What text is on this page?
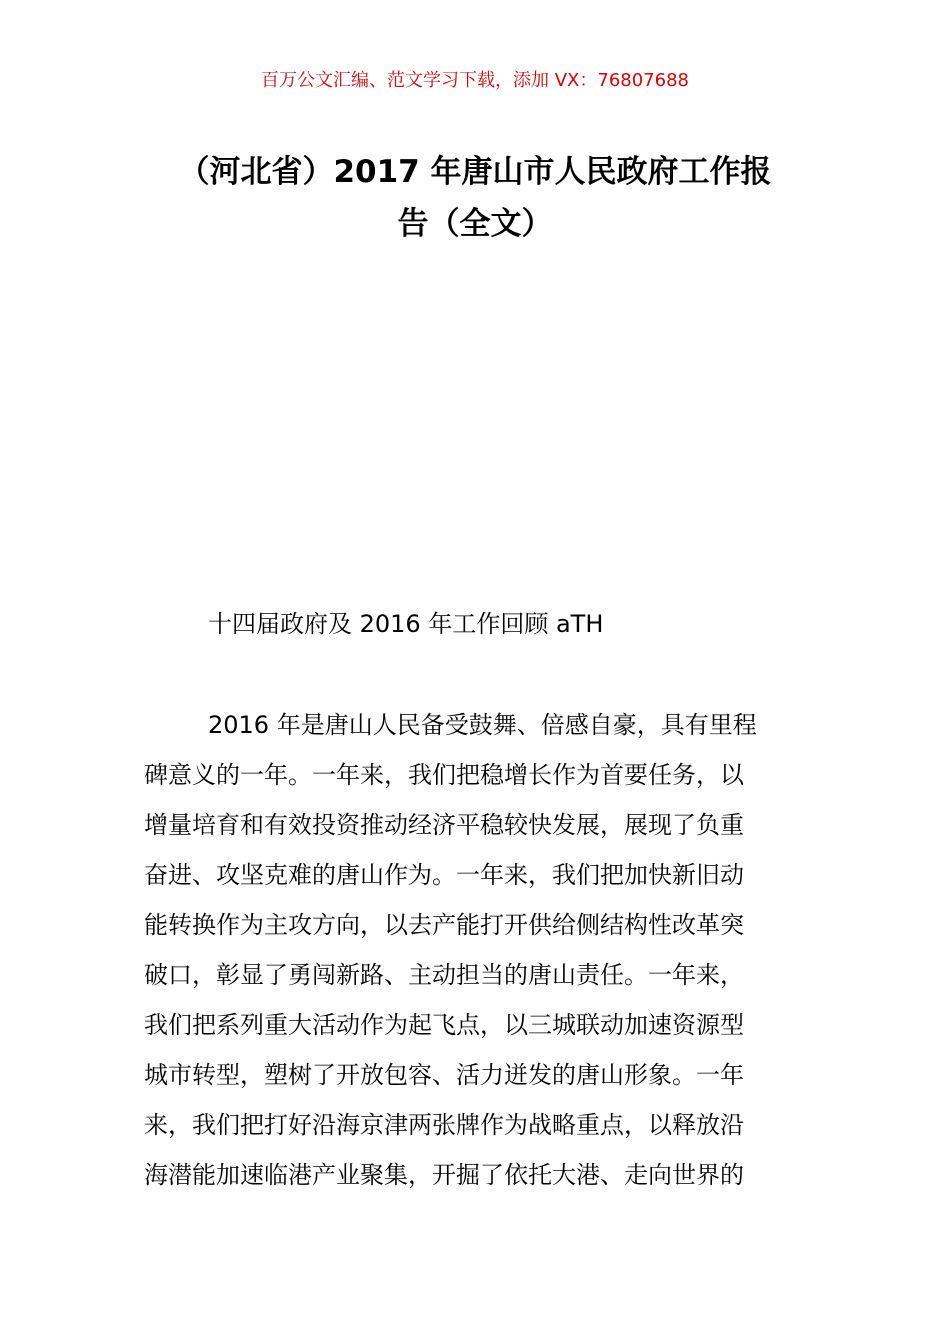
百万公文汇编、范文学习下载，添加 VX：76807688
（河北省）2017 年唐山市人民政府工作报
告（全文）
十四届政府及 2016 年工作回顾 aTH

2016 年是唐山人民备受鼓舞、倍感自豪，具有里程
碑意义的一年。一年来，我们把稳增长作为首要任务，以
增量培育和有效投资推动经济平稳较快发展，展现了负重
奋进、攻坚克难的唐山作为。一年来，我们把加快新旧动
能转换作为主攻方向，以去产能打开供给侧结构性改革突
破口，彰显了勇闯新路、主动担当的唐山责任。一年来，
我们把系列重大活动作为起飞点，以三城联动加速资源型
城市转型，塑树了开放包容、活力迸发的唐山形象。一年
来，我们把打好沿海京津两张牌作为战略重点，以释放沿
海潜能加速临港产业聚集，开掘了依托大港、走向世界的
